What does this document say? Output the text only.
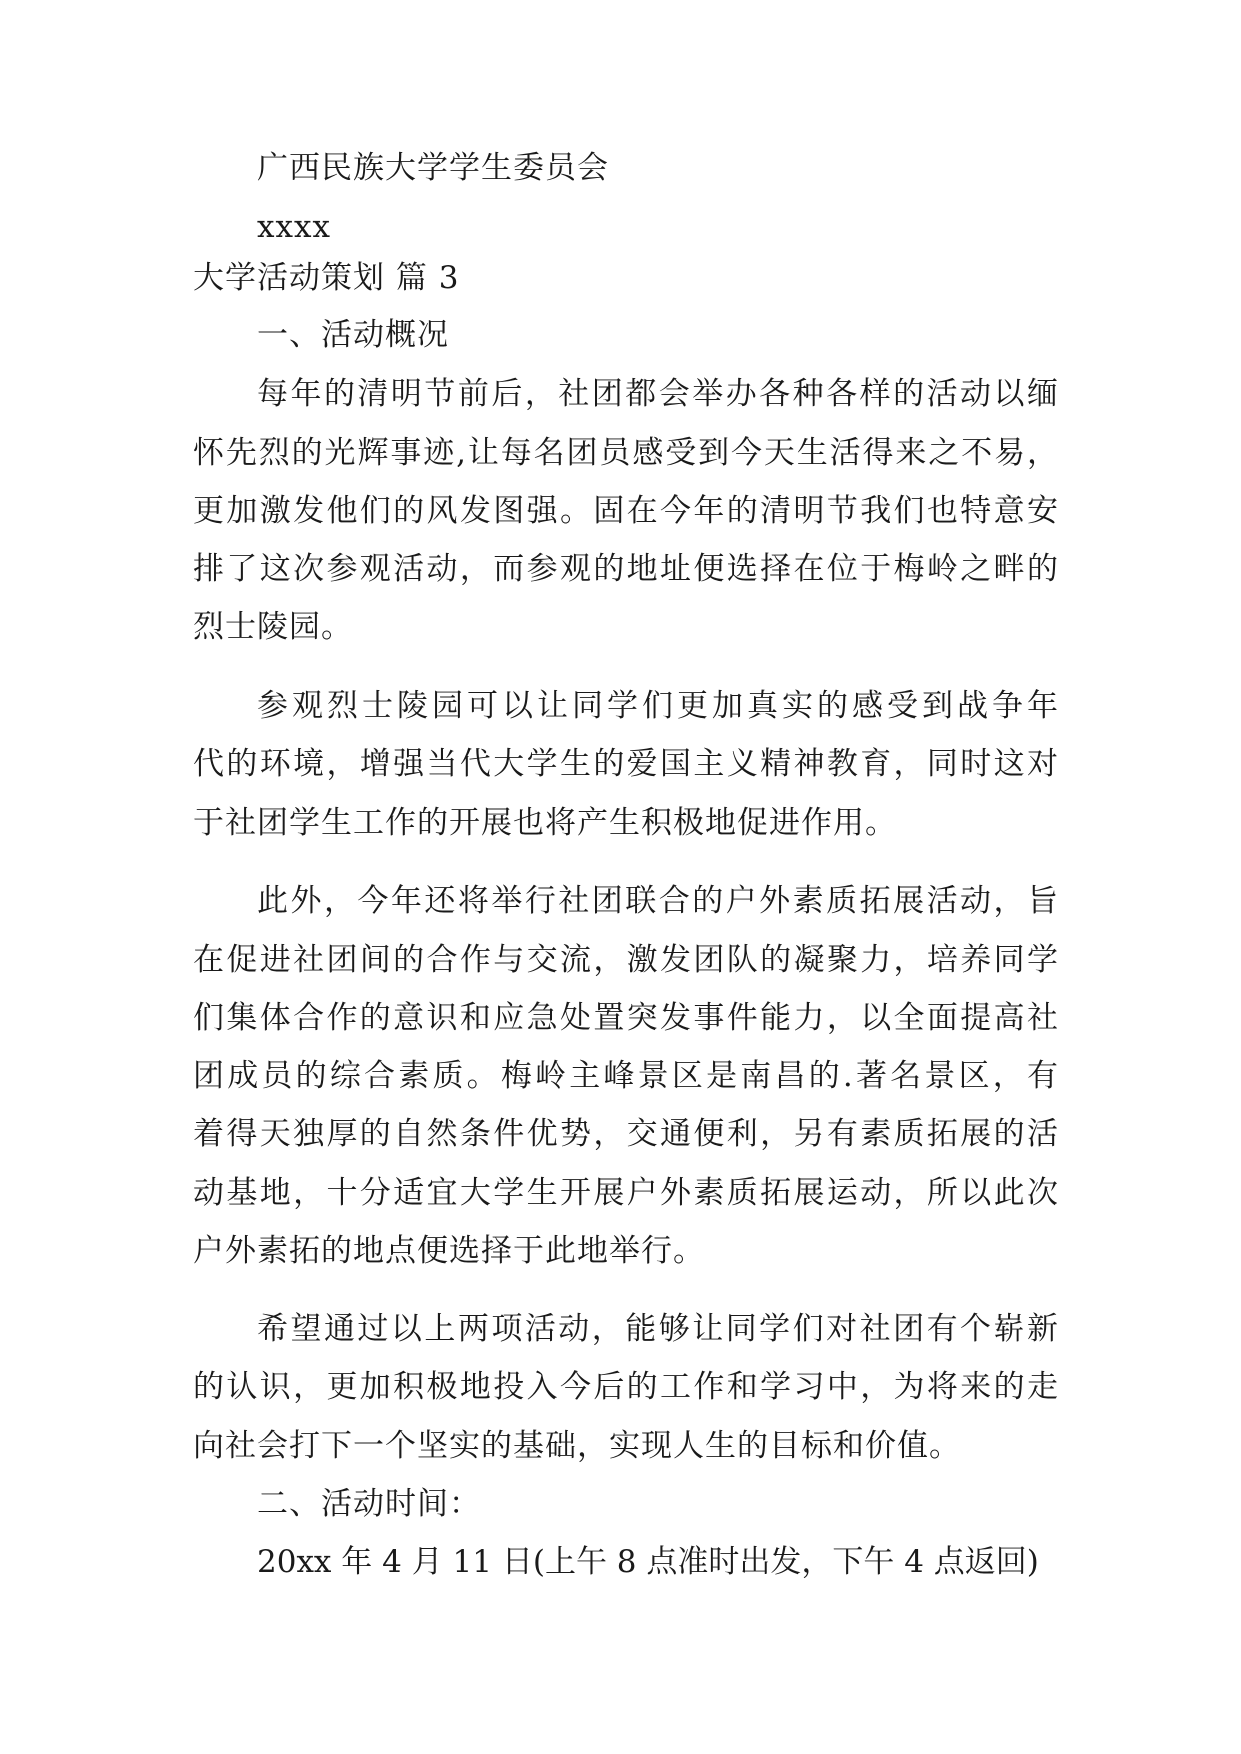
广西民族大学学生委员会
xxxx
大学活动策划 篇 3
一、活动概况
每年的清明节前后，社团都会举办各种各样的活动以缅
怀先烈的光辉事迹,让每名团员感受到今天生活得来之不易，
更加激发他们的风发图强。固在今年的清明节我们也特意安
排了这次参观活动，而参观的地址便选择在位于梅岭之畔的
烈士陵园。
参观烈士陵园可以让同学们更加真实的感受到战争年
代的环境，增强当代大学生的爱国主义精神教育，同时这对
于社团学生工作的开展也将产生积极地促进作用。
此外，今年还将举行社团联合的户外素质拓展活动，旨
在促进社团间的合作与交流，激发团队的凝聚力，培养同学
们集体合作的意识和应急处置突发事件能力，以全面提高社
团成员的综合素质。梅岭主峰景区是南昌的.著名景区，有
着得天独厚的自然条件优势，交通便利，另有素质拓展的活
动基地，十分适宜大学生开展户外素质拓展运动，所以此次
户外素拓的地点便选择于此地举行。
希望通过以上两项活动，能够让同学们对社团有个崭新
的认识，更加积极地投入今后的工作和学习中，为将来的走
向社会打下一个坚实的基础，实现人生的目标和价值。
二、活动时间：
20xx 年 4 月 11 日(上午 8 点准时出发，下午 4 点返回)
